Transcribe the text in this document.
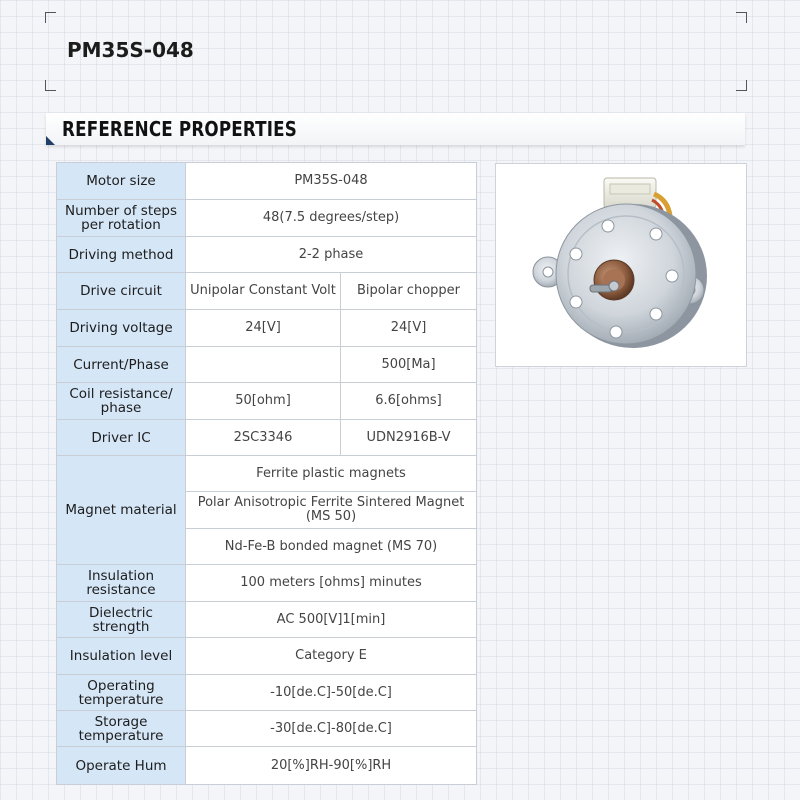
PM35S-048
REFERENCE PROPERTIES
Motor size	PM35S-048	
Number of steps per rotation	48(7.5 degrees/step)	
Driving method	2-2 phase	
Drive circuit	Unipolar Constant Volt	Bipolar chopper
Driving voltage	24[V]	24[V]
Current/Phase		500[Ma]
Coil resistance/ phase	50[ohm]	6.6[ohms]
Driver IC	2SC3346	UDN2916B-V
Magnet material	Ferrite plastic magnets	
	Polar Anisotropic Ferrite Sintered Magnet (MS 50)	
	Nd-Fe-B bonded magnet (MS 70)	
Insulation resistance	100 meters [ohms] minutes	
Dielectric strength	AC 500[V]1[min]	
Insulation level	Category E	
Operating temperature	-10[de.C]-50[de.C]	
Storage temperature	-30[de.C]-80[de.C]	
Operate Hum	20[%]RH-90[%]RH	
